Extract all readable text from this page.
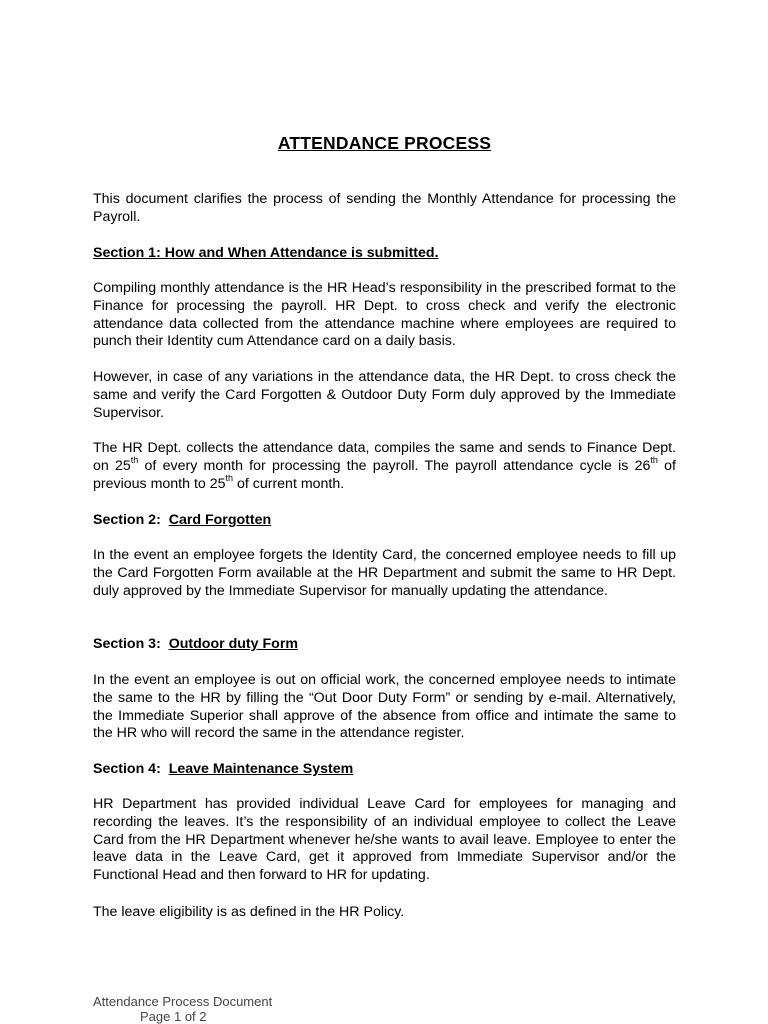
ATTENDANCE PROCESS
This document clarifies the process of sending the Monthly Attendance for processing the Payroll.
Section 1: How and When Attendance is submitted.
Compiling monthly attendance is the HR Head’s responsibility in the prescribed format to the Finance for processing the payroll. HR Dept. to cross check and verify the electronic attendance data collected from the attendance machine where employees are required to punch their Identity cum Attendance card on a daily basis.
However, in case of any variations in the attendance data, the HR Dept. to cross check the same and verify the Card Forgotten & Outdoor Duty Form duly approved by the Immediate Supervisor.
The HR Dept. collects the attendance data, compiles the same and sends to Finance Dept. on 25th of every month for processing the payroll. The payroll attendance cycle is 26th of previous month to 25th of current month.
Section 2: Card Forgotten
In the event an employee forgets the Identity Card, the concerned employee needs to fill up the Card Forgotten Form available at the HR Department and submit the same to HR Dept. duly approved by the Immediate Supervisor for manually updating the attendance.
Section 3: Outdoor duty Form
In the event an employee is out on official work, the concerned employee needs to intimate the same to the HR by filling the “Out Door Duty Form” or sending by e-mail. Alternatively, the Immediate Superior shall approve of the absence from office and intimate the same to the HR who will record the same in the attendance register.
Section 4: Leave Maintenance System
HR Department has provided individual Leave Card for employees for managing and recording the leaves. It’s the responsibility of an individual employee to collect the Leave Card from the HR Department whenever he/she wants to avail leave. Employee to enter the leave data in the Leave Card, get it approved from Immediate Supervisor and/or the Functional Head and then forward to HR for updating.
The leave eligibility is as defined in the HR Policy.
Attendance Process Document
Page 1 of 2
